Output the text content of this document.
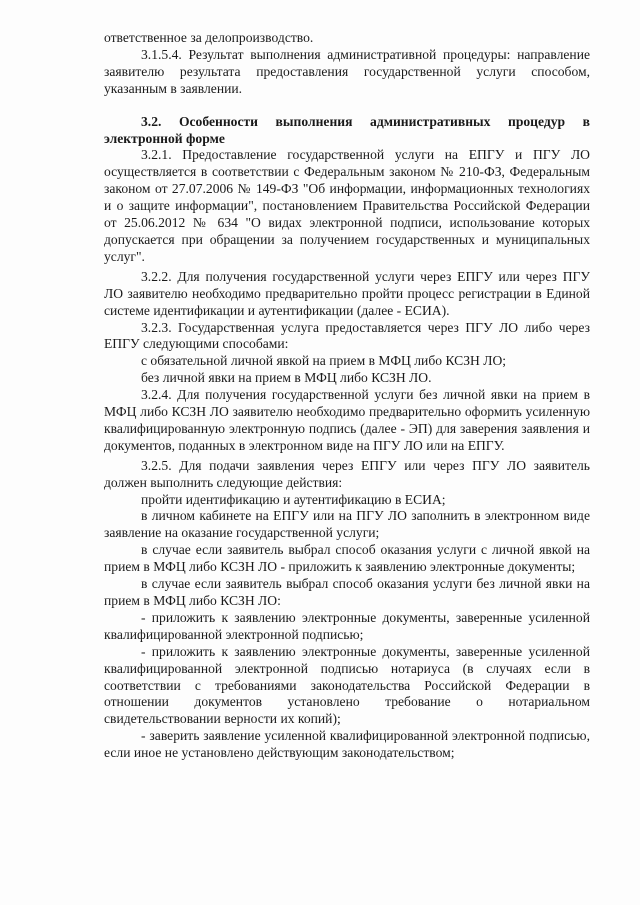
ответственное за делопроизводство.

3.1.5.4. Результат выполнения административной процедуры: направление заявителю результата предоставления государственной услуги способом, указанным в заявлении.

3.2. Особенности выполнения административных процедур в электронной форме

3.2.1. Предоставление государственной услуги на ЕПГУ и ПГУ ЛО осуществляется в соответствии с Федеральным законом № 210-ФЗ, Федеральным законом от 27.07.2006 № 149-ФЗ "Об информации, информационных технологиях и о защите информации", постановлением Правительства Российской Федерации от 25.06.2012 № 634 "О видах электронной подписи, использование которых допускается при обращении за получением государственных и муниципальных услуг".

3.2.2. Для получения государственной услуги через ЕПГУ или через ПГУ ЛО заявителю необходимо предварительно пройти процесс регистрации в Единой системе идентификации и аутентификации (далее - ЕСИА).

3.2.3. Государственная услуга предоставляется через ПГУ ЛО либо через ЕПГУ следующими способами:

с обязательной личной явкой на прием в МФЦ либо КСЗН ЛО;

без личной явки на прием в МФЦ либо КСЗН ЛО.

3.2.4. Для получения государственной услуги без личной явки на прием в МФЦ либо КСЗН ЛО заявителю необходимо предварительно оформить усиленную квалифицированную электронную подпись (далее - ЭП) для заверения заявления и документов, поданных в электронном виде на ПГУ ЛО или на ЕПГУ.

3.2.5. Для подачи заявления через ЕПГУ или через ПГУ ЛО заявитель должен выполнить следующие действия:

пройти идентификацию и аутентификацию в ЕСИА;

в личном кабинете на ЕПГУ или на ПГУ ЛО заполнить в электронном виде заявление на оказание государственной услуги;

в случае если заявитель выбрал способ оказания услуги с личной явкой на прием в МФЦ либо КСЗН ЛО - приложить к заявлению электронные документы;

в случае если заявитель выбрал способ оказания услуги без личной явки на прием в МФЦ либо КСЗН ЛО:

- приложить к заявлению электронные документы, заверенные усиленной квалифицированной электронной подписью;

- приложить к заявлению электронные документы, заверенные усиленной квалифицированной электронной подписью нотариуса (в случаях если в соответствии с требованиями законодательства Российской Федерации в отношении документов установлено требование о нотариальном свидетельствовании верности их копий);

- заверить заявление усиленной квалифицированной электронной подписью, если иное не установлено действующим законодательством;
